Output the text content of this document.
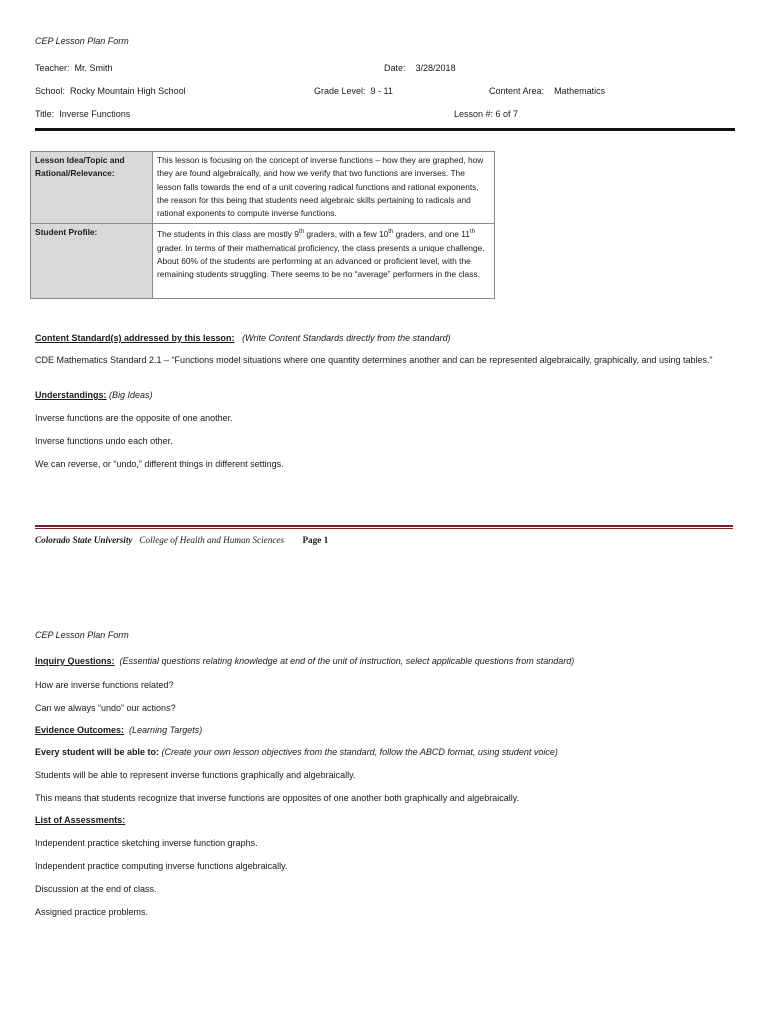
CEP Lesson Plan Form
Teacher: Mr. Smith	Date: 3/28/2018
School: Rocky Mountain High School	Grade Level: 9 - 11	Content Area: Mathematics
Title: Inverse Functions	Lesson #: 6 of 7
Lesson Idea/Topic and Rational/Relevance:	This lesson is focusing on the concept of inverse functions – how they are graphed, how they are found algebraically, and how we verify that two functions are inverses. The lesson falls towards the end of a unit covering radical functions and rational exponents, the reason for this being that students need algebraic skills pertaining to radicals and rational exponents to compute inverse functions.
Student Profile:	The students in this class are mostly 9th graders, with a few 10th graders, and one 11th grader. In terms of their mathematical proficiency, the class presents a unique challenge. About 60% of the students are performing at an advanced or proficient level, with the remaining students struggling. There seems to be no “average” performers in the class.
Content Standard(s) addressed by this lesson: (Write Content Standards directly from the standard)
CDE Mathematics Standard 2.1 – “Functions model situations where one quantity determines another and can be represented algebraically, graphically, and using tables.”
Understandings: (Big Ideas)
Inverse functions are the opposite of one another.
Inverse functions undo each other.
We can reverse, or “undo,” different things in different settings.
Colorado State University College of Health and Human Sciences Page 1
CEP Lesson Plan Form
Inquiry Questions: (Essential questions relating knowledge at end of the unit of instruction, select applicable questions from standard)
How are inverse functions related?
Can we always “undo” our actions?
Evidence Outcomes: (Learning Targets)
Every student will be able to: (Create your own lesson objectives from the standard, follow the ABCD format, using student voice)
Students will be able to represent inverse functions graphically and algebraically.
This means that students recognize that inverse functions are opposites of one another both graphically and algebraically.
List of Assessments:
Independent practice sketching inverse function graphs.
Independent practice computing inverse functions algebraically.
Discussion at the end of class.
Assigned practice problems.
